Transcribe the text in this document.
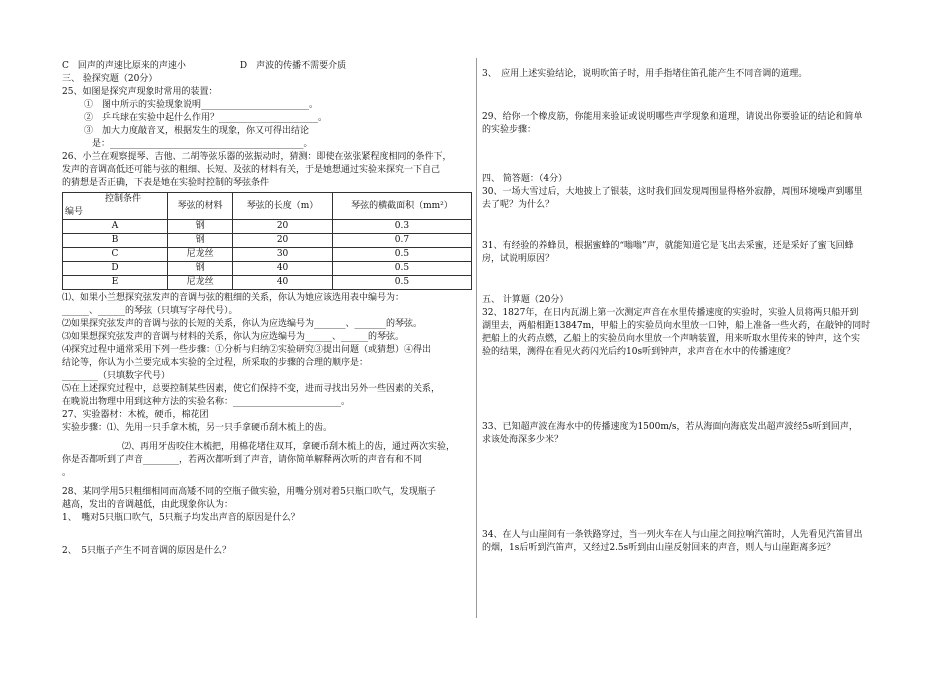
C　回声的声速比原来的声速小　　　　　　D　声波的传播不需要介质
三、 验探究题（20分）
25、如图是探究声现象时常用的装置：
①　图中所示的实验现象说明________________________。
②　乒乓球在实验中起什么作用？______________________。
③　加大力度敲音叉，根据发生的现象，你又可得出结论
是：___________________________________________。
26、小兰在观察提琴、吉他、二胡等弦乐器的弦振动时，猜测：即使在弦张紧程度相同的条件下，
发声的音调高低还可能与弦的粗细、长短、及弦的材料有关，于是她想通过实验来探究一下自己
的猜想是否正确，下表是她在实验时控制的琴弦条件
控制条件
编号	琴弦的材料	琴弦的长度（m）	琴弦的横截面积（mm²）
A	钢	20	0.3
B	钢	20	0.7
C	尼龙丝	30	0.5
D	钢	40	0.5
E	尼龙丝	40	0.5
⑴、如果小兰想探究弦发声的音调与弦的粗细的关系，你认为她应该选用表中编号为：
______、______的琴弦（只填写字母代号）。
⑵如果探究弦发声的音调与弦的长短的关系，你认为应选编号为_______、_______的琴弦。
⑶如果想探究弦发声的音调与材料的关系，你认为应选编号为______、______的琴弦。
⑷探究过程中通常采用下列一些步骤：①分析与归纳②实验研究③提出问题（或猜想）④得出
结论等，你认为小兰要完成本实验的全过程，所采取的步骤的合理的顺序是：
________（只填数字代号）
⑸在上述探究过程中，总要控制某些因素，使它们保持不变，进而寻找出另外一些因素的关系，
在晚说出物理中用到这种方法的实验名称：________________________。
27、实验器材：木梳，硬币，棉花团
实验步骤：⑴、先用一只手拿木梳，另一只手拿硬币刮木梳上的齿。
⑵、再用牙齿咬住木梳把，用棉花堵住双耳，拿硬币刮木梳上的齿，通过两次实验，
你是否都听到了声音________，若两次都听到了声音，请你简单解释两次听的声音有和不同
。
28、某同学用5只粗细相同而高矮不同的空瓶子做实验，用嘴分别对着5只瓶口吹气，发现瓶子
越高，发出的音调越低，由此现象你认为：
1、　嘴对5只瓶口吹气，5只瓶子均发出声音的原因是什么？
2、　5只瓶子产生不同音调的原因是什么？
3、　应用上述实验结论，说明吹笛子时，用手指堵住笛孔能产生不同音调的道理。
29、给你一个橡皮筋，你能用来验证或说明哪些声学现象和道理，请说出你要验证的结论和简单
的实验步骤：
四、 简答题：（4分）
30、一场大雪过后，大地披上了银装，这时我们回发现周围显得格外寂静，周围环境噪声到哪里
去了呢？为什么？
31、有经验的养蜂员，根据蜜蜂的“嗡嗡”声，就能知道它是飞出去采蜜，还是采好了蜜飞回蜂
房，试说明原因？
五、 计算题（20分）
32、1827年，在日内瓦湖上第一次测定声音在水里传播速度的实验时，实验人员将两只船开到
湖里去，两船相距13847m，甲船上的实验员向水里放一口钟，船上准备一些火药，在敲钟的同时
把船上的火药点燃，乙船上的实验员向水里放一个声呐装置，用来听取水里传来的钟声，这个实
验的结果，测得在看见火药闪光后约10s听到钟声，求声音在水中的传播速度？
33、已知超声波在海水中的传播速度为1500m/s，若从海面向海底发出超声波经5s听到回声，
求该处海深多少米？
34、在人与山崖间有一条铁路穿过，当一列火车在人与山崖之间拉响汽笛时，人先看见汽笛冒出
的烟，1s后听到汽笛声，又经过2.5s听到由山崖反射回来的声音，则人与山崖距离多远？
